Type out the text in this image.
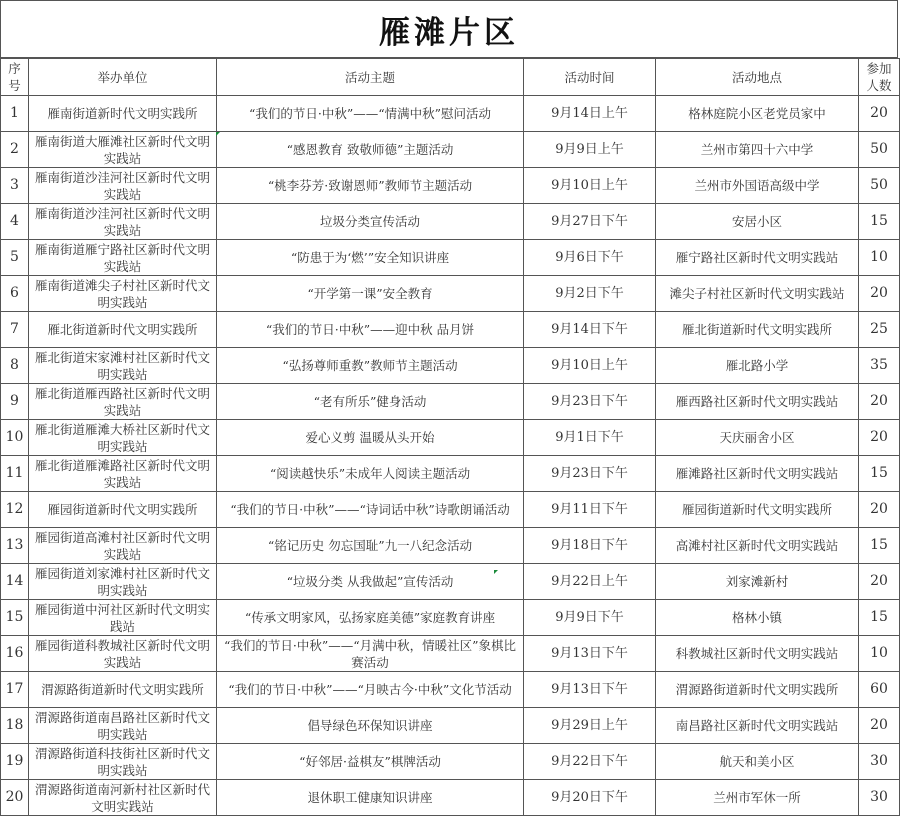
雁滩片区
序号	举办单位	活动主题	活动时间	活动地点	参加人数
1	雁南街道新时代文明实践所	“我们的节日·中秋”——“情满中秋”慰问活动	9月14日上午	格林庭院小区老党员家中	20
2	雁南街道大雁滩社区新时代文明实践站	“感恩教育 致敬师德”主题活动	9月9日上午	兰州市第四十六中学	50
3	雁南街道沙洼河社区新时代文明实践站	“桃李芬芳·致谢恩师”教师节主题活动	9月10日上午	兰州市外国语高级中学	50
4	雁南街道沙洼河社区新时代文明实践站	垃圾分类宣传活动	9月27日下午	安居小区	15
5	雁南街道雁宁路社区新时代文明实践站	“防患于为‘燃’”安全知识讲座	9月6日下午	雁宁路社区新时代文明实践站	10
6	雁南街道滩尖子村社区新时代文明实践站	“开学第一课”安全教育	9月2日下午	滩尖子村社区新时代文明实践站	20
7	雁北街道新时代文明实践所	“我们的节日·中秋”——迎中秋 品月饼	9月14日下午	雁北街道新时代文明实践所	25
8	雁北街道宋家滩村社区新时代文明实践站	“弘扬尊师重教”教师节主题活动	9月10日上午	雁北路小学	35
9	雁北街道雁西路社区新时代文明实践站	“老有所乐”健身活动	9月23日下午	雁西路社区新时代文明实践站	20
10	雁北街道雁滩大桥社区新时代文明实践站	爱心义剪 温暖从头开始	9月1日下午	天庆丽舍小区	20
11	雁北街道雁滩路社区新时代文明实践站	“阅读越快乐”未成年人阅读主题活动	9月23日下午	雁滩路社区新时代文明实践站	15
12	雁园街道新时代文明实践所	“我们的节日·中秋”——“诗词话中秋”诗歌朗诵活动	9月11日下午	雁园街道新时代文明实践所	20
13	雁园街道高滩村社区新时代文明实践站	“铭记历史 勿忘国耻”九一八纪念活动	9月18日下午	高滩村社区新时代文明实践站	15
14	雁园街道刘家滩村社区新时代文明实践站	“垃圾分类 从我做起”宣传活动	9月22日上午	刘家滩新村	20
15	雁园街道中河社区新时代文明实践站	“传承文明家风，弘扬家庭美德”家庭教育讲座	9月9日下午	格林小镇	15
16	雁园街道科教城社区新时代文明实践站	“我们的节日·中秋”——“月满中秋，情暖社区”象棋比赛活动	9月13日下午	科教城社区新时代文明实践站	10
17	渭源路街道新时代文明实践所	“我们的节日·中秋”——“月映古今·中秋”文化节活动	9月13日下午	渭源路街道新时代文明实践所	60
18	渭源路街道南昌路社区新时代文明实践站	倡导绿色环保知识讲座	9月29日上午	南昌路社区新时代文明实践站	20
19	渭源路街道科技街社区新时代文明实践站	“好邻居·益棋友”棋牌活动	9月22日下午	航天和美小区	30
20	渭源路街道南河新村社区新时代文明实践站	退休职工健康知识讲座	9月20日下午	兰州市军休一所	30
